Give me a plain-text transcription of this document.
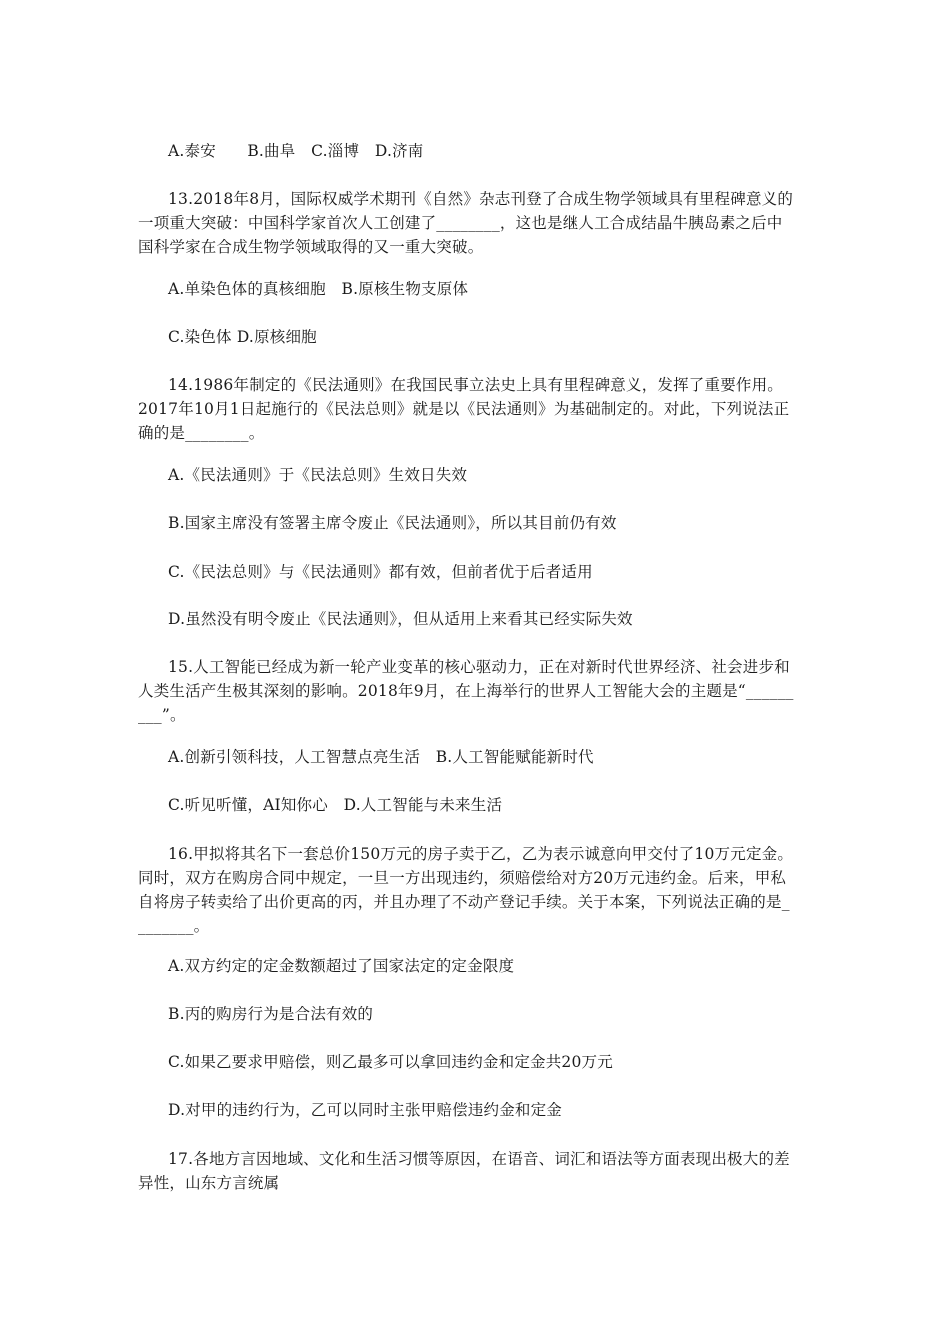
A.泰安　　B.曲阜　C.淄博　D.济南
13.2018年8月，国际权威学术期刊《自然》杂志刊登了合成生物学领域具有里程碑意义的
一项重大突破：中国科学家首次人工创建了________，这也是继人工合成结晶牛胰岛素之后中
国科学家在合成生物学领域取得的又一重大突破。
A.单染色体的真核细胞　B.原核生物支原体
C.染色体 D.原核细胞
14.1986年制定的《民法通则》在我国民事立法史上具有里程碑意义，发挥了重要作用。
2017年10月1日起施行的《民法总则》就是以《民法通则》为基础制定的。对此，下列说法正
确的是________。
A.《民法通则》于《民法总则》生效日失效
B.国家主席没有签署主席令废止《民法通则》，所以其目前仍有效
C.《民法总则》与《民法通则》都有效，但前者优于后者适用
D.虽然没有明令废止《民法通则》，但从适用上来看其已经实际失效
15.人工智能已经成为新一轮产业变革的核心驱动力，正在对新时代世界经济、社会进步和
人类生活产生极其深刻的影响。2018年9月，在上海举行的世界人工智能大会的主题是“______
___”。
A.创新引领科技，人工智慧点亮生活　B.人工智能赋能新时代
C.听见听懂，AI知你心　D.人工智能与未来生活
16.甲拟将其名下一套总价150万元的房子卖于乙，乙为表示诚意向甲交付了10万元定金。
同时，双方在购房合同中规定，一旦一方出现违约，须赔偿给对方20万元违约金。后来，甲私
自将房子转卖给了出价更高的丙，并且办理了不动产登记手续。关于本案，下列说法正确的是_
_______。
A.双方约定的定金数额超过了国家法定的定金限度
B.丙的购房行为是合法有效的
C.如果乙要求甲赔偿，则乙最多可以拿回违约金和定金共20万元
D.对甲的违约行为，乙可以同时主张甲赔偿违约金和定金
17.各地方言因地域、文化和生活习惯等原因，在语音、词汇和语法等方面表现出极大的差
异性，山东方言统属
